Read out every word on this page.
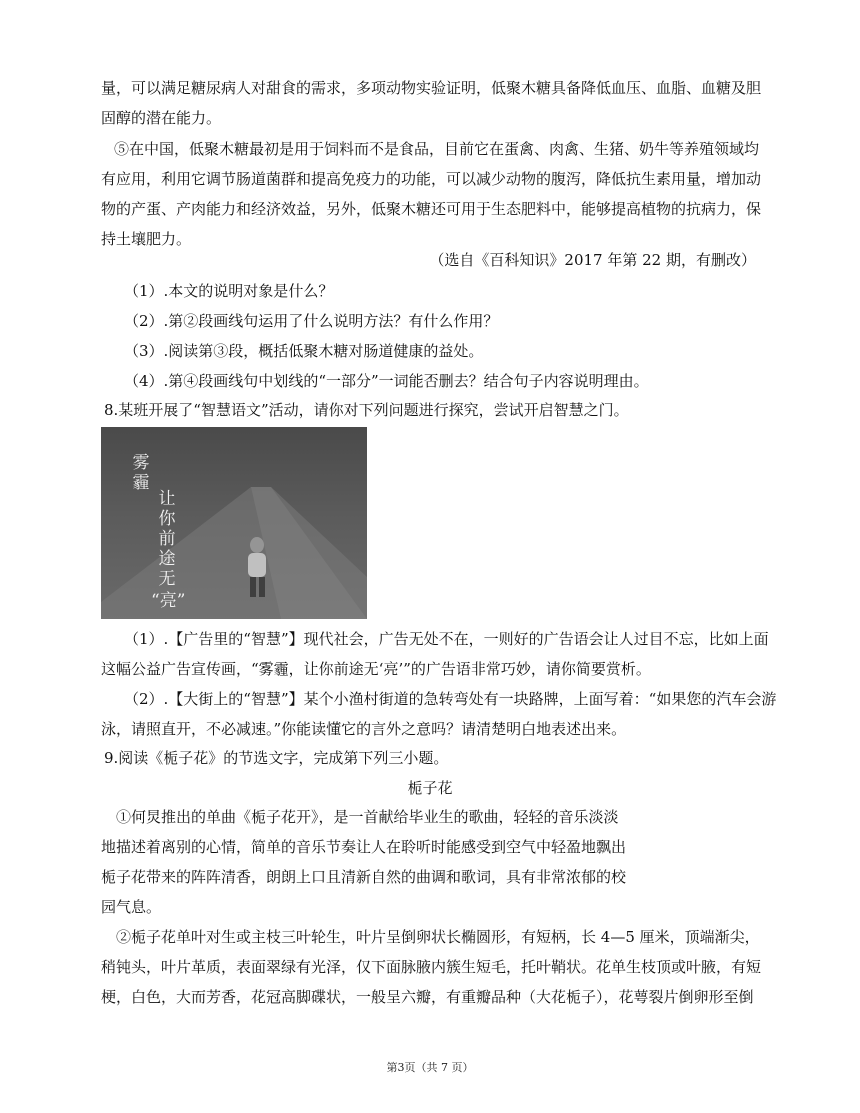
量，可以满足糖尿病人对甜食的需求，多项动物实验证明，低聚木糖具备降低血压、血脂、血糖及胆
固醇的潜在能力。
⑤在中国，低聚木糖最初是用于饲料而不是食品，目前它在蛋禽、肉禽、生猪、奶牛等养殖领域均
有应用，利用它调节肠道菌群和提高免疫力的功能，可以减少动物的腹泻，降低抗生素用量，增加动
物的产蛋、产肉能力和经济效益，另外，低聚木糖还可用于生态肥料中，能够提高植物的抗病力，保
持土壤肥力。
（选自《百科知识》2017 年第 22 期，有删改）
（1）.本文的说明对象是什么？
（2）.第②段画线句运用了什么说明方法？有什么作用？
（3）.阅读第③段，概括低聚木糖对肠道健康的益处。
（4）.第④段画线句中划线的“一部分”一词能否删去？结合句子内容说明理由。
8.某班开展了“智慧语文”活动，请你对下列问题进行探究，尝试开启智慧之门。
雾霾
让你前途无
“亮”
（1）.【广告里的“智慧”】现代社会，广告无处不在，一则好的广告语会让人过目不忘，比如上面
这幅公益广告宣传画，“雾霾，让你前途无‘亮’”的广告语非常巧妙，请你简要赏析。
（2）.【大街上的“智慧”】某个小渔村街道的急转弯处有一块路牌，上面写着：“如果您的汽车会游
泳，请照直开，不必减速。”你能读懂它的言外之意吗？请清楚明白地表述出来。
9.阅读《栀子花》的节选文字，完成第下列三小题。
栀子花
①何炅推出的单曲《栀子花开》，是一首献给毕业生的歌曲，轻轻的音乐淡淡
地描述着离别的心情，简单的音乐节奏让人在聆听时能感受到空气中轻盈地飘出
栀子花带来的阵阵清香，朗朗上口且清新自然的曲调和歌词，具有非常浓郁的校
园气息。
②栀子花单叶对生或主枝三叶轮生，叶片呈倒卵状长椭圆形，有短柄，长 4—5 厘米，顶端渐尖，
稍钝头，叶片革质，表面翠绿有光泽，仅下面脉腋内簇生短毛，托叶鞘状。花单生枝顶或叶腋，有短
梗，白色，大而芳香，花冠高脚碟状，一般呈六瓣，有重瓣品种（大花栀子），花萼裂片倒卵形至倒
第3页（共 7 页）
